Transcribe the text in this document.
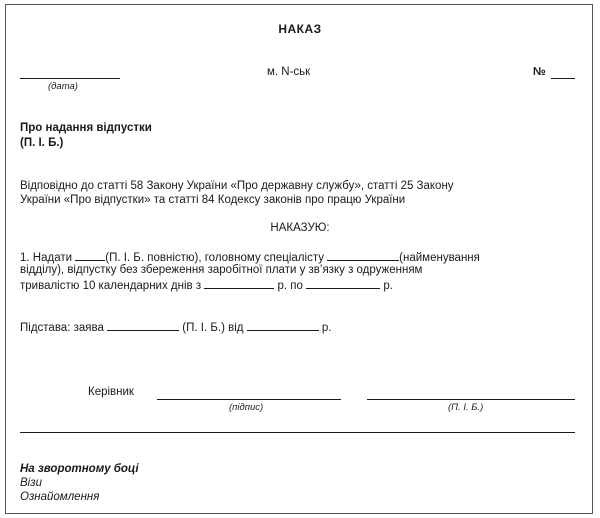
НАКАЗ
(дата)
м. N-ськ	№
Про надання відпустки
(П. І. Б.)
Відповідно до статті 58 Закону України «Про державну службу», статті 25 Закону
України «Про відпустки» та статті 84 Кодексу законів про працю України
НАКАЗУЮ:
1. Надати	(П. І. Б. повністю), головному спеціалісту	(найменування
відділу), відпустку без збереження заробітної плати у зв’язку з одруженням
тривалістю 10 календарних днів з	р. по	р.
Підстава: заява	(П. І. Б.) від	р.
Керівник
(підпис)	(П. І. Б.)
На зворотному боці
Візи
Ознайомлення
